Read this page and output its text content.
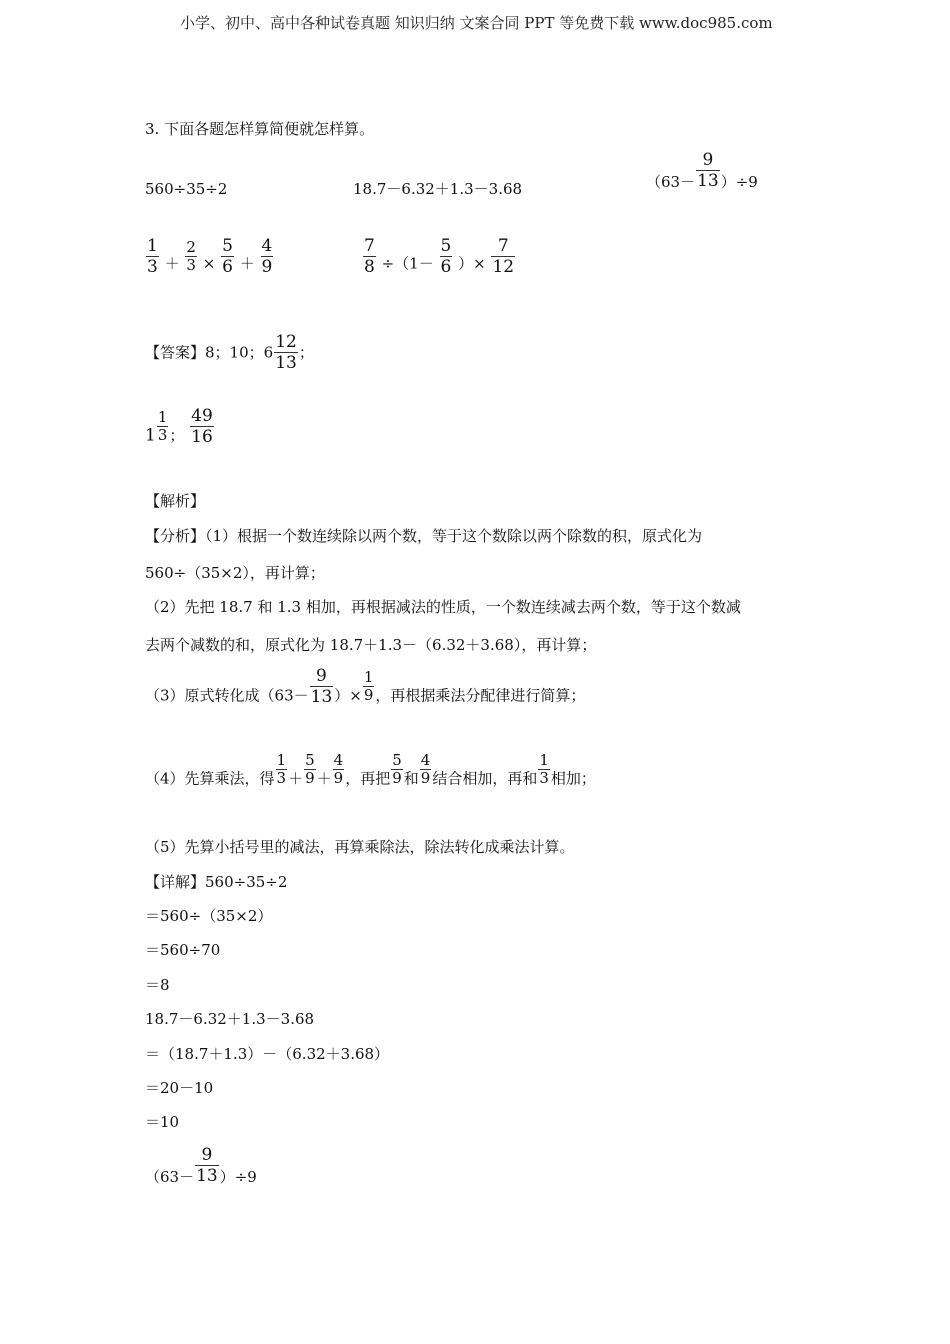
小学、初中、高中各种试卷真题 知识归纳 文案合同 PPT 等免费下载 www.doc985.com
3. 下面各题怎样算简便就怎样算。
560÷35÷2	18.7－6.32＋1.3－3.68	$(63- \frac{9}{13} )\div 9$
$\frac{1}{3} + \frac{2}{3} \times \frac{5}{6} + \frac{4}{9}$	$\frac{7}{8} \div(1- \frac{5}{6}$ ）× $\frac{7}{12}$
【答案】8；10；$6 \frac{12}{13}$ ；
$1 \frac{1}{3}$ ； $\frac{49}{16}$
【解析】
【分析】（1）根据一个数连续除以两个数，等于这个数除以两个除数的积，原式化为
560÷（35×2），再计算；
（2）先把 18.7 和 1.3 相加，再根据减法的性质，一个数连续减去两个数，等于这个数减
去两个减数的和，原式化为 18.7＋1.3－（6.32＋3.68），再计算；
（3）原式转化成（$63- \frac{9}{13}$ ）× $\frac{1}{9}$ ，再根据乘法分配律进行简算；
（4）先算乘法，得 $\frac{1}{3} + \frac{5}{9} + \frac{4}{9}$ ，再把 $\frac{5}{9}$ 和 $\frac{4}{9}$ 结合相加，再和 $\frac{1}{3}$ 相加；
（5）先算小括号里的减法，再算乘除法，除法转化成乘法计算。
【详解】560÷35÷2
＝560÷（35×2）
＝560÷70
＝8
18.7－6.32＋1.3－3.68
＝（18.7＋1.3）－（6.32＋3.68）
＝20－10
＝10
$(63- \frac{9}{13} )\div 9$
